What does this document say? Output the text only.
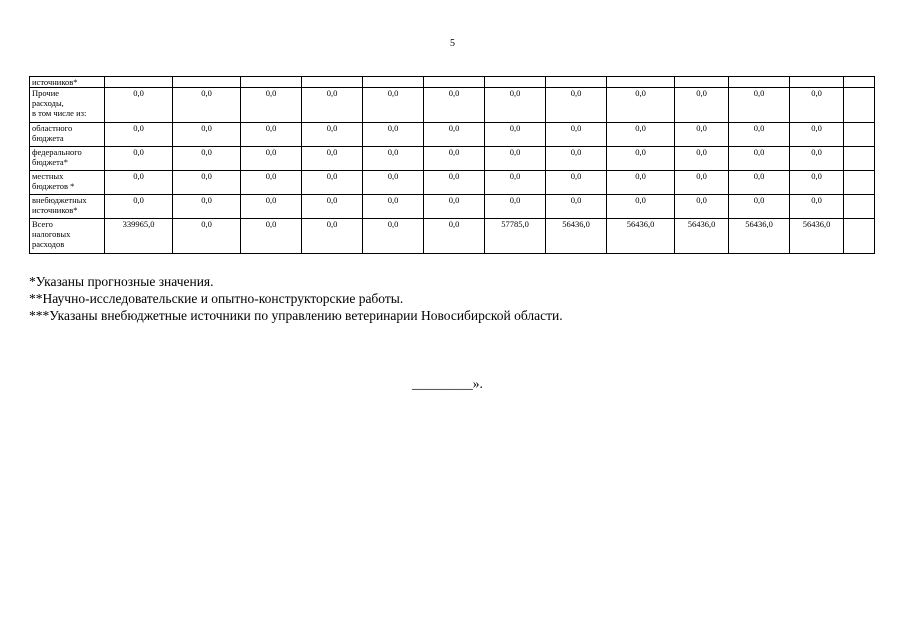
5
источников*													
Прочие
расходы,
в том числе из:	0,0	0,0	0,0	0,0	0,0	0,0	0,0	0,0	0,0	0,0	0,0	0,0	
областного
бюджета	0,0	0,0	0,0	0,0	0,0	0,0	0,0	0,0	0,0	0,0	0,0	0,0	
федерального
бюджета*	0,0	0,0	0,0	0,0	0,0	0,0	0,0	0,0	0,0	0,0	0,0	0,0	
местных
бюджетов *	0,0	0,0	0,0	0,0	0,0	0,0	0,0	0,0	0,0	0,0	0,0	0,0	
внебюджетных
источников*	0,0	0,0	0,0	0,0	0,0	0,0	0,0	0,0	0,0	0,0	0,0	0,0	
Всего
налоговых
расходов	339965,0	0,0	0,0	0,0	0,0	0,0	57785,0	56436,0	56436,0	56436,0	56436,0	56436,0	
*Указаны прогнозные значения.
**Научно-исследовательские и опытно-конструкторские работы.
***Указаны внебюджетные источники по управлению ветеринарии Новосибирской области.
_________».
